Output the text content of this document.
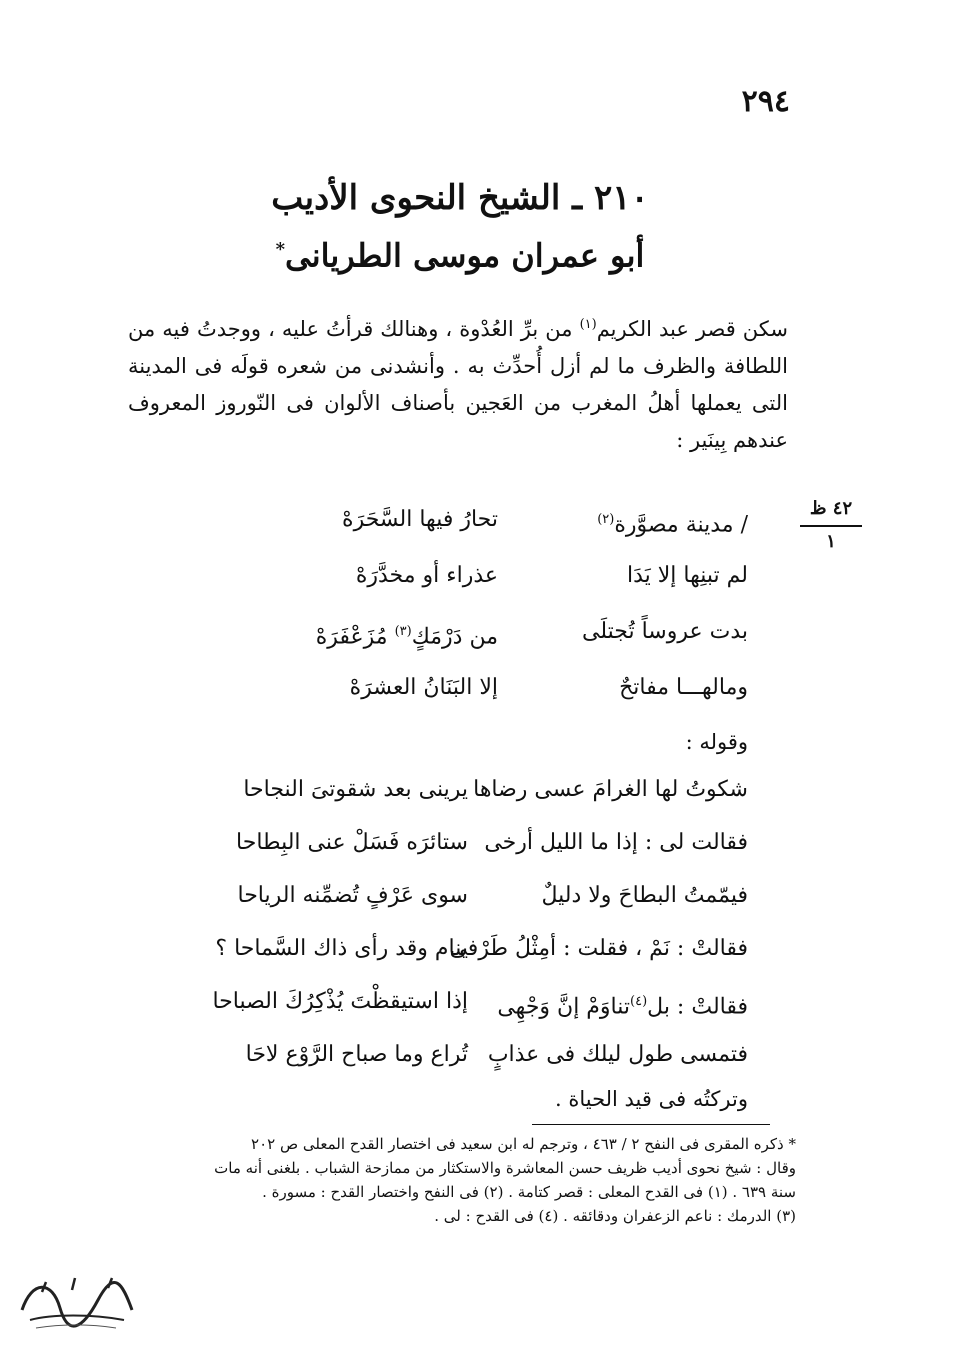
٢٩٤
٢١٠ ـ الشيخ النحوى الأديب
أبو عمران موسى الطريانى*
سكن قصر عبد الكريم$^{(١)}$ من برِّ العُدْوة ، وهنالك قرأتُ عليه ، ووجدتُ فيه من اللطافة والظرف ما لم أزل أُحدِّث به . وأنشدنى من شعره قولَه فى المدينة التى يعملها أهلُ المغرب من العَجين بأصناف الألوان فى النّوروز المعروف عندهم بِينَير :
٤٢ ظ
١
/ مدينة مصوَّرة$^{(٢)}$
تحارُ فيها السَّحَرَهْ
لم تبنِها إلا يَدَا
عذراء أو مخدَّرَهْ
بدت عروساً تُجتلَى
من دَرْمَكٍ$^{(٣)}$ مُزَعْفَرَهْ
ومالهـــا مفاتحٌ
إلا البَنَانُ العشرَهْ
وقوله :
شكوتُ لها الغرامَ عسى رضاها
يرينى بعد شقوتىَ النجاحا
فقالت لى : إذا ما الليل أرخى
ستائرَه فَسَلْ عنى البِطاحا
فيمّمتُ البطاحَ ولا دليلٌ
سوى عَرْفٍ تُضمِّنه الرياحا
فقالتْ : نَمْ ، فقلت : أمِثْلُ طَرْفى
ينام وقد رأى ذاك السَّماحا ؟
فقالتْ : بل$^{(٤)}$تناوَمْ إنَّ وَجْهِى
إذا استيقظْتَ يُذْكِرُكَ الصباحا
فتمسى طول ليلك فى عذابٍ
تُراع وما صباح الرَّوْع لاحَا
وتركتُه فى قيد الحياة .
* ذكره المقرى فى النفح ٢ / ٤٦٣ ، وترجم له ابن سعيد فى اختصار القدح المعلى ص ٢٠٢
وقال : شيخ نحوى أديب ظريف حسن المعاشرة والاستكثار من ممازحة الشباب . بلغنى أنه مات
سنة ٦٣٩ . (١) فى القدح المعلى : قصر كتامة . (٢) فى النفح واختصار القدح : مسورة .
(٣) الدرمك : ناعم الزعفران ودقائقه . (٤) فى القدح : لى .
